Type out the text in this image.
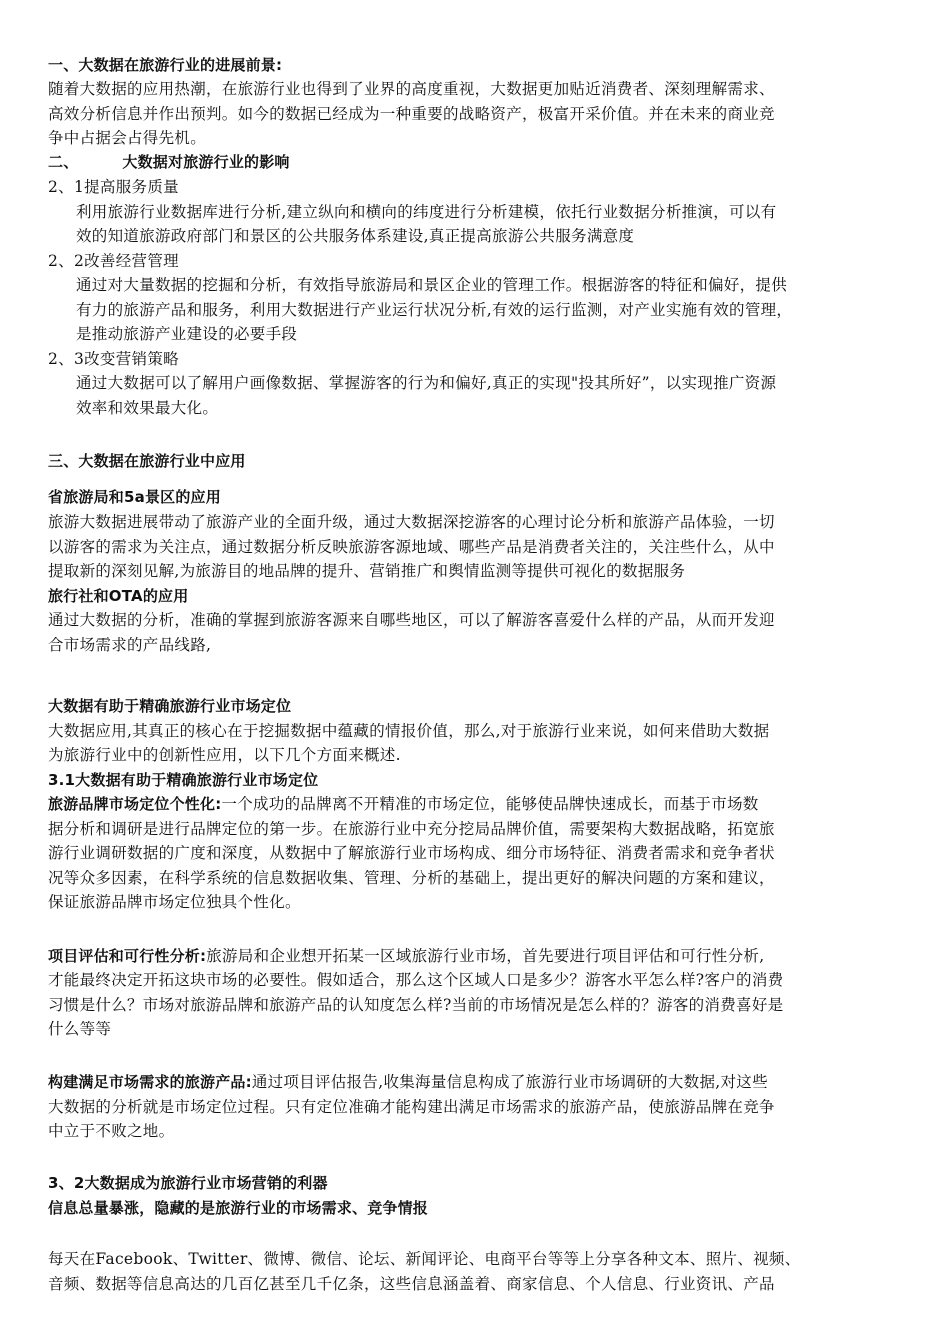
一、大数据在旅游行业的进展前景:
随着大数据的应用热潮，在旅游行业也得到了业界的高度重视，大数据更加贴近消费者、深刻理解需求、
高效分析信息并作出预判。如今的数据已经成为一种重要的战略资产，极富开采价值。并在未来的商业竞
争中占据会占得先机。
二、	大数据对旅游行业的影响
2、1提高服务质量
利用旅游行业数据库进行分析,建立纵向和横向的纬度进行分析建模，依托行业数据分析推演，可以有
效的知道旅游政府部门和景区的公共服务体系建设,真正提高旅游公共服务满意度
2、2改善经营管理
通过对大量数据的挖掘和分析，有效指导旅游局和景区企业的管理工作。根据游客的特征和偏好，提供
有力的旅游产品和服务，利用大数据进行产业运行状况分析,有效的运行监测，对产业实施有效的管理，
是推动旅游产业建设的必要手段
2、3改变营销策略
通过大数据可以了解用户画像数据、掌握游客的行为和偏好,真正的实现"投其所好”，以实现推广资源
效率和效果最大化。
三、大数据在旅游行业中应用
省旅游局和5a景区的应用
旅游大数据进展带动了旅游产业的全面升级，通过大数据深挖游客的心理讨论分析和旅游产品体验，一切
以游客的需求为关注点，通过数据分析反映旅游客源地域、哪些产品是消费者关注的，关注些什么，从中
提取新的深刻见解,为旅游目的地品牌的提升、营销推广和舆情监测等提供可视化的数据服务
旅行社和OTA的应用
通过大数据的分析，准确的掌握到旅游客源来自哪些地区，可以了解游客喜爱什么样的产品，从而开发迎
合市场需求的产品线路,
大数据有助于精确旅游行业市场定位
大数据应用,其真正的核心在于挖掘数据中蕴藏的情报价值，那么,对于旅游行业来说，如何来借助大数据
为旅游行业中的创新性应用，以下几个方面来概述.
3.1大数据有助于精确旅游行业市场定位
旅游品牌市场定位个性化:一个成功的品牌离不开精准的市场定位，能够使品牌快速成长，而基于市场数
据分析和调研是进行品牌定位的第一步。在旅游行业中充分挖局品牌价值，需要架构大数据战略，拓宽旅
游行业调研数据的广度和深度，从数据中了解旅游行业市场构成、细分市场特征、消费者需求和竞争者状
况等众多因素，在科学系统的信息数据收集、管理、分析的基础上，提出更好的解决问题的方案和建议，
保证旅游品牌市场定位独具个性化。
项目评估和可行性分析:旅游局和企业想开拓某一区域旅游行业市场，首先要进行项目评估和可行性分析,
才能最终决定开拓这块市场的必要性。假如适合，那么这个区域人口是多少？游客水平怎么样?客户的消费
习惯是什么？市场对旅游品牌和旅游产品的认知度怎么样?当前的市场情况是怎么样的？游客的消费喜好是
什么等等
构建满足市场需求的旅游产品:通过项目评估报告,收集海量信息构成了旅游行业市场调研的大数据,对这些
大数据的分析就是市场定位过程。只有定位准确才能构建出满足市场需求的旅游产品，使旅游品牌在竞争
中立于不败之地。
3、2大数据成为旅游行业市场营销的利器
信息总量暴涨，隐藏的是旅游行业的市场需求、竞争情报
每天在Facebook、Twitter、微博、微信、论坛、新闻评论、电商平台等等上分享各种文本、照片、视频、
音频、数据等信息高达的几百亿甚至几千亿条，这些信息涵盖着、商家信息、个人信息、行业资讯、产品
